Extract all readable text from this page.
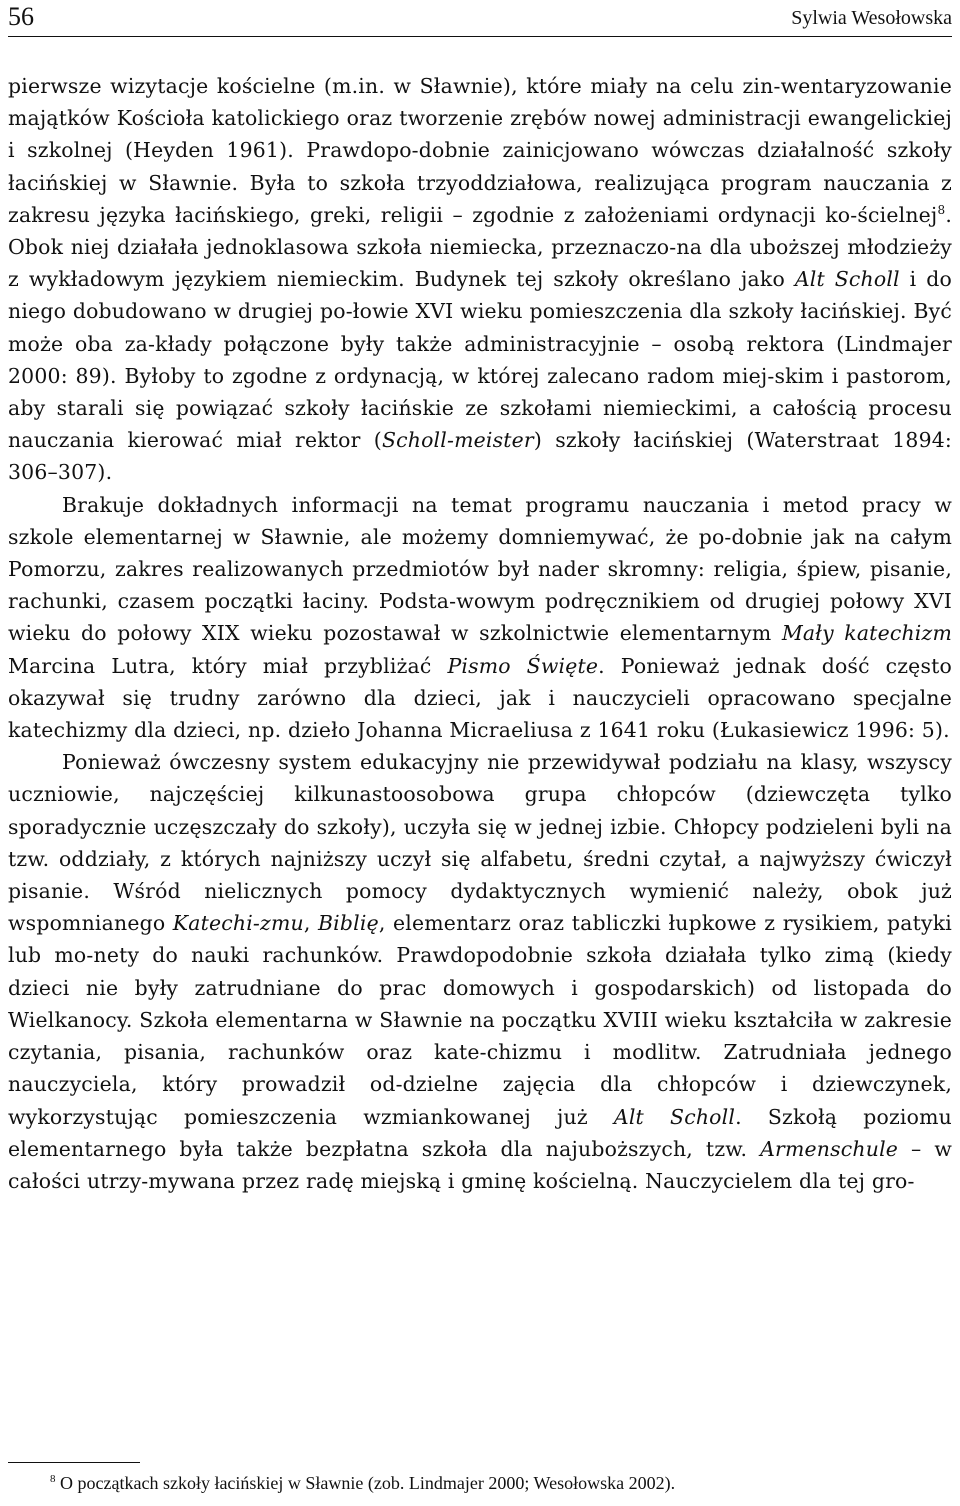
56	Sylwia Wesołowska

pierwsze wizytacje kościelne (m.in. w Sławnie), które miały na celu zin-wentaryzowanie majątków Kościoła katolickiego oraz tworzenie zrębów nowej administracji ewangelickiej i szkolnej (Heyden 1961). Prawdopo-dobnie zainicjowano wówczas działalność szkoły łacińskiej w Sławnie. Była to szkoła trzyoddziałowa, realizująca program nauczania z zakresu języka łacińskiego, greki, religii – zgodnie z założeniami ordynacji ko-ścielnej$^8$. Obok niej działała jednoklasowa szkoła niemiecka, przeznaczo-na dla uboższej młodzieży z wykładowym językiem niemieckim. Budynek tej szkoły określano jako Alt Scholl i do niego dobudowano w drugiej po-łowie XVI wieku pomieszczenia dla szkoły łacińskiej. Być może oba za-kłady połączone były także administracyjnie – osobą rektora (Lindmajer 2000: 89). Byłoby to zgodne z ordynacją, w której zalecano radom miej-skim i pastorom, aby starali się powiązać szkoły łacińskie ze szkołami niemieckimi, a całością procesu nauczania kierować miał rektor (Scholl-meister) szkoły łacińskiej (Waterstraat 1894: 306–307).

Brakuje dokładnych informacji na temat programu nauczania i metod pracy w szkole elementarnej w Sławnie, ale możemy domniemywać, że po-dobnie jak na całym Pomorzu, zakres realizowanych przedmiotów był nader skromny: religia, śpiew, pisanie, rachunki, czasem początki łaciny. Podsta-wowym podręcznikiem od drugiej połowy XVI wieku do połowy XIX wieku pozostawał w szkolnictwie elementarnym Mały katechizm Marcina Lutra, który miał przybliżać Pismo Święte. Ponieważ jednak dość często okazywał się trudny zarówno dla dzieci, jak i nauczycieli opracowano specjalne katechizmy dla dzieci, np. dzieło Johanna Micraeliusa z 1641 roku (Łukasiewicz 1996: 5).

Ponieważ ówczesny system edukacyjny nie przewidywał podziału na klasy, wszyscy uczniowie, najczęściej kilkunastoosobowa grupa chłopców (dziewczęta tylko sporadycznie uczęszczały do szkoły), uczyła się w jednej izbie. Chłopcy podzieleni byli na tzw. oddziały, z których najniższy uczył się alfabetu, średni czytał, a najwyższy ćwiczył pisanie. Wśród nielicznych pomocy dydaktycznych wymienić należy, obok już wspomnianego Katechi-zmu, Biblię, elementarz oraz tabliczki łupkowe z rysikiem, patyki lub mo-nety do nauki rachunków. Prawdopodobnie szkoła działała tylko zimą (kiedy dzieci nie były zatrudniane do prac domowych i gospodarskich) od listopada do Wielkanocy. Szkoła elementarna w Sławnie na początku XVIII wieku kształciła w zakresie czytania, pisania, rachunków oraz kate-chizmu i modlitw. Zatrudniała jednego nauczyciela, który prowadził od-dzielne zajęcia dla chłopców i dziewczynek, wykorzystując pomieszczenia wzmiankowanej już Alt Scholl. Szkołą poziomu elementarnego była także bezpłatna szkoła dla najuboższych, tzw. Armenschule – w całości utrzy-mywana przez radę miejską i gminę kościelną. Nauczycielem dla tej gro-

$^8$ O początkach szkoły łacińskiej w Sławnie (zob. Lindmajer 2000; Wesołowska 2002).
